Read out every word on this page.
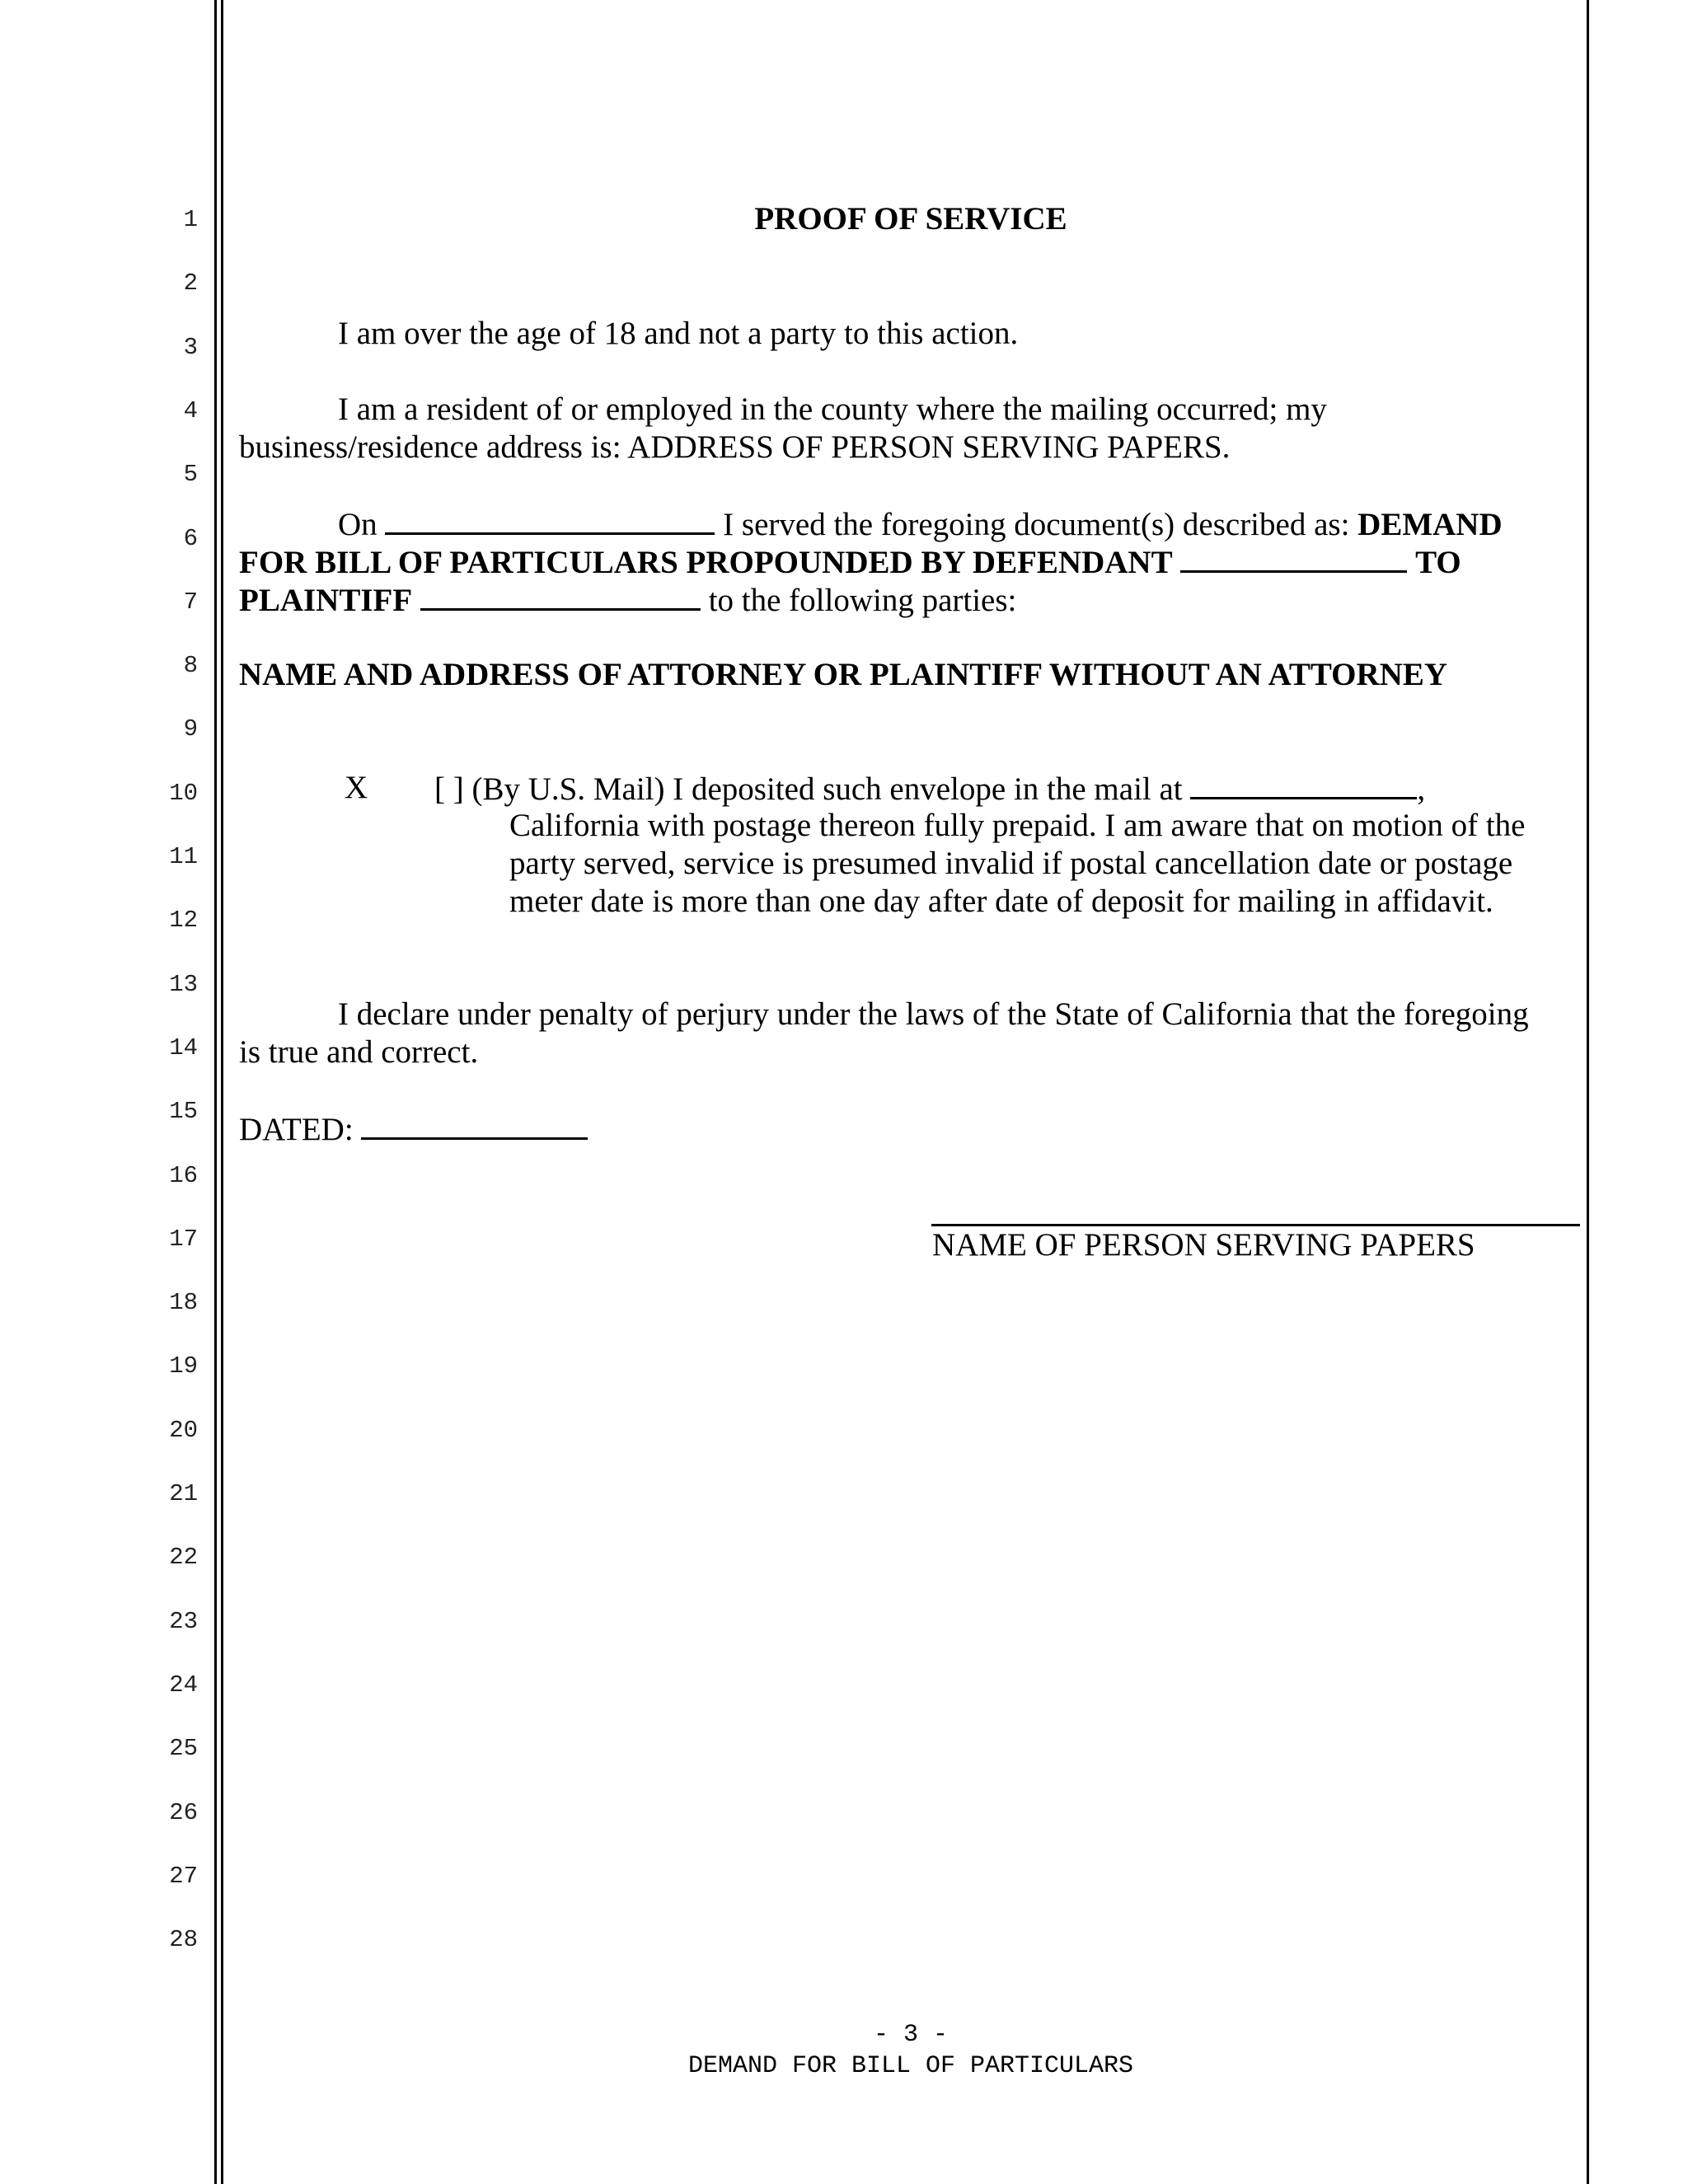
1
2
3
4
5
6
7
8
9
10
11
12
13
14
15
16
17
18
19
20
21
22
23
24
25
26
27
28
PROOF OF SERVICE
I am over the age of 18 and not a party to this action.
I am a resident of or employed in the county where the mailing occurred; my
business/residence address is: ADDRESS OF PERSON SERVING PAPERS.
On	I served the foregoing document(s) described as: DEMAND
FOR BILL OF PARTICULARS PROPOUNDED BY DEFENDANT	TO
PLAINTIFF	to the following parties:
NAME AND ADDRESS OF ATTORNEY OR PLAINTIFF WITHOUT AN ATTORNEY
X [ ] (By U.S. Mail) I deposited such envelope in the mail at	,
California with postage thereon fully prepaid. I am aware that on motion of the
party served, service is presumed invalid if postal cancellation date or postage
meter date is more than one day after date of deposit for mailing in affidavit.
I declare under penalty of perjury under the laws of the State of California that the foregoing
is true and correct.
DATED:
NAME OF PERSON SERVING PAPERS
- 3 -
DEMAND FOR BILL OF PARTICULARS
